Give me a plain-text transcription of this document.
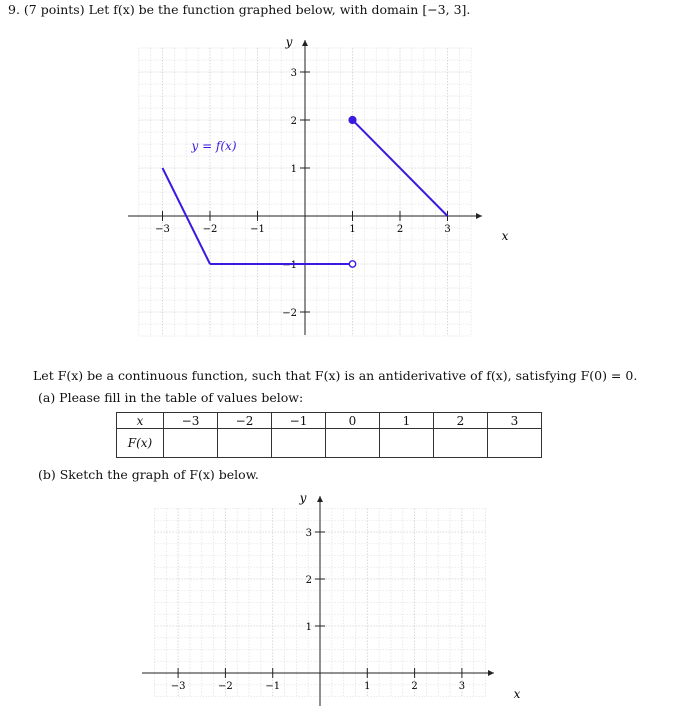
9. (7 points) Let f(x) be the function graphed below, with domain [−3, 3].
−3	−2	−1	1	2	3
3
2
1
−1
−2
y = f(x)
x
y
Let F(x) be a continuous function, such that F(x) is an antiderivative of f(x), satisfying F(0) = 0.
(a) Please fill in the table of values below:
x	−3	−2	−1	0	1	2	3
F(x)							
(b) Sketch the graph of F(x) below.
−3	−2	−1	1	2	3
3
2
1
x
y
